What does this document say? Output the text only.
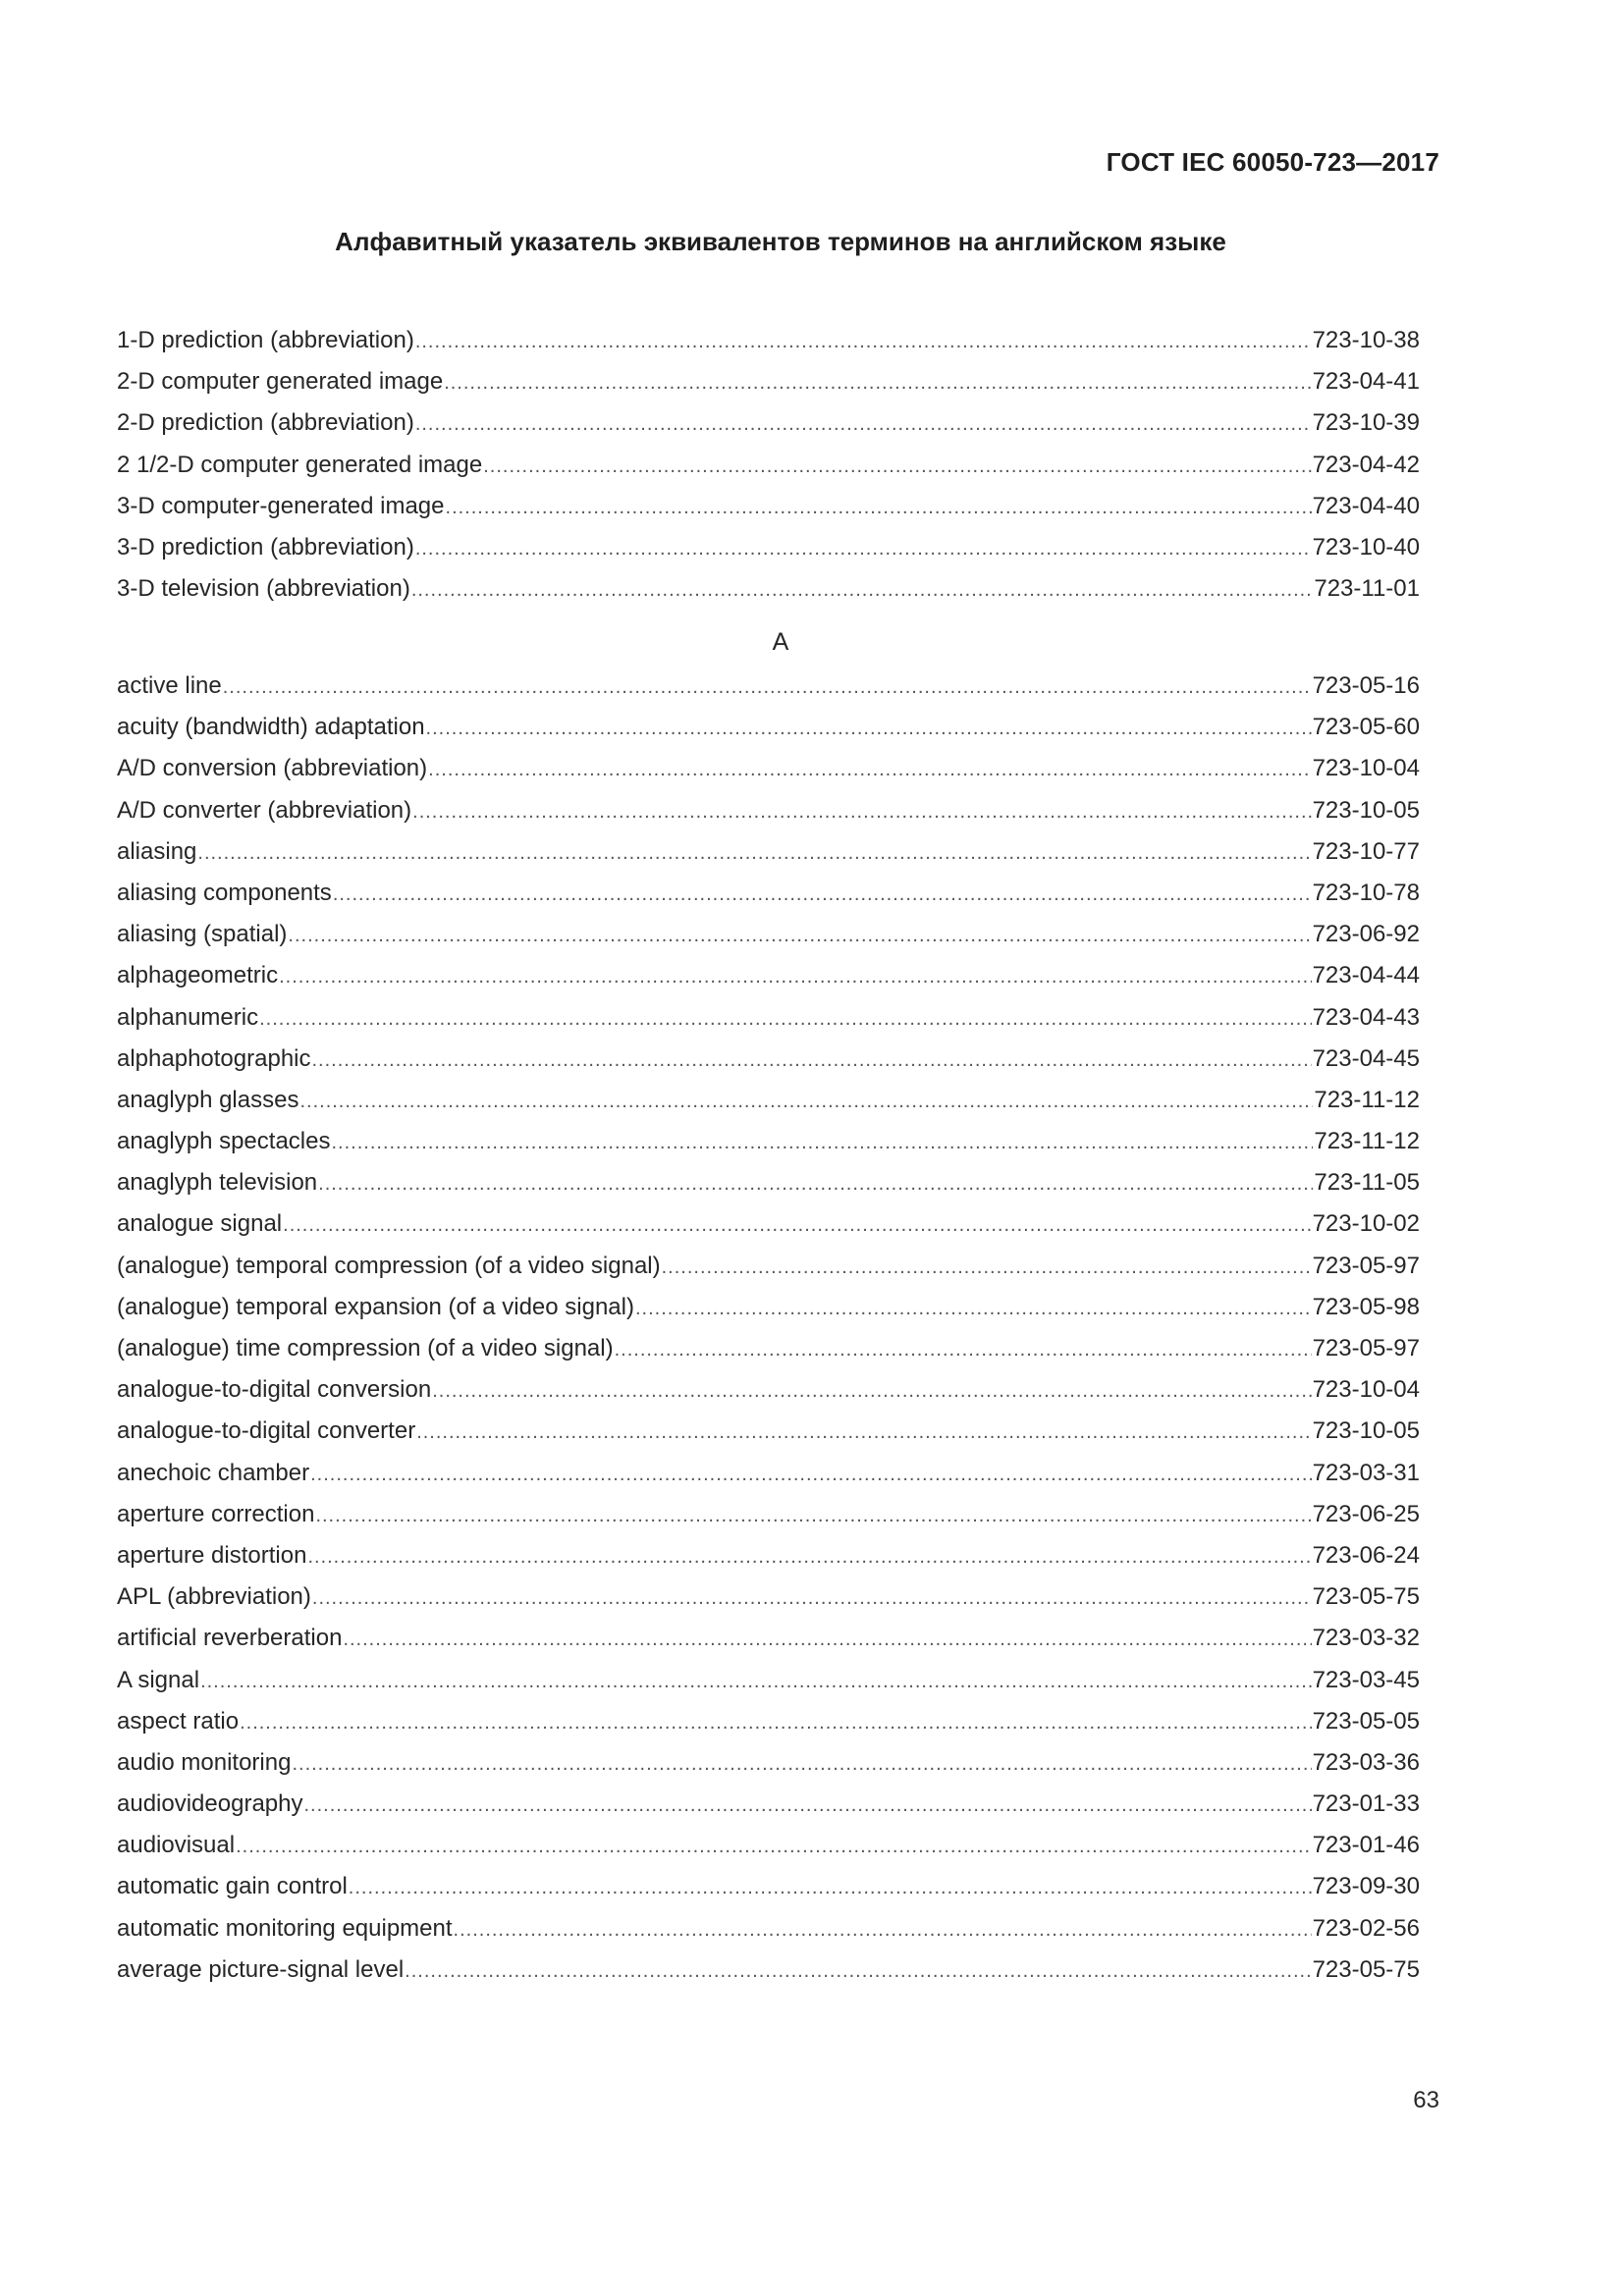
ГОСТ IEC 60050-723—2017
Алфавитный указатель эквивалентов терминов на английском языке
1-D prediction (abbreviation) .....	723-10-38
2-D computer generated image .....	723-04-41
2-D prediction (abbreviation) .....	723-10-39
2 1/2-D computer generated image .....	723-04-42
3-D computer-generated image .....	723-04-40
3-D prediction (abbreviation) .....	723-10-40
3-D television (abbreviation) .....	723-11-01
A
active line .....	723-05-16
acuity (bandwidth) adaptation .....	723-05-60
A/D conversion (abbreviation) .....	723-10-04
A/D converter (abbreviation) .....	723-10-05
aliasing .....	723-10-77
aliasing components .....	723-10-78
aliasing (spatial) .....	723-06-92
alphageometric .....	723-04-44
alphanumeric .....	723-04-43
alphaphotographic .....	723-04-45
anaglyph glasses .....	723-11-12
anaglyph spectacles .....	723-11-12
anaglyph television .....	723-11-05
analogue signal .....	723-10-02
(analogue) temporal compression (of a video signal) .....	723-05-97
(analogue) temporal expansion (of a video signal) .....	723-05-98
(analogue) time compression (of a video signal) .....	723-05-97
analogue-to-digital conversion .....	723-10-04
analogue-to-digital converter .....	723-10-05
anechoic chamber .....	723-03-31
aperture correction .....	723-06-25
aperture distortion .....	723-06-24
APL (abbreviation) .....	723-05-75
artificial reverberation .....	723-03-32
A signal .....	723-03-45
aspect ratio .....	723-05-05
audio monitoring .....	723-03-36
audiovideography .....	723-01-33
audiovisual .....	723-01-46
automatic gain control .....	723-09-30
automatic monitoring equipment .....	723-02-56
average picture-signal level .....	723-05-75
63
